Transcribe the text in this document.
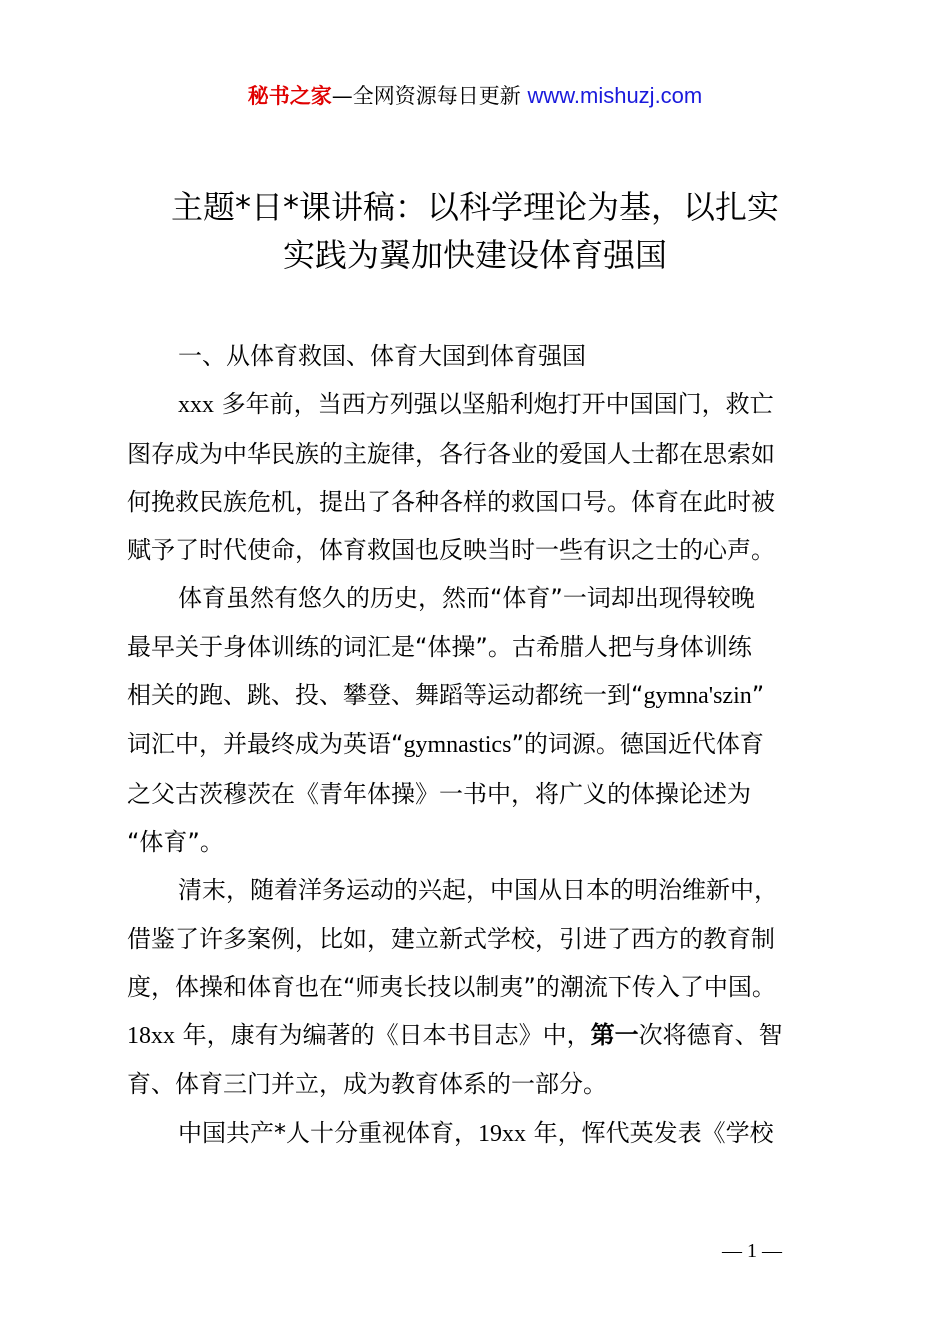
秘书之家—全网资源每日更新 www.mishuzj.com
主题*日*课讲稿：以科学理论为基，以扎实
实践为翼加快建设体育强国

一、从体育救国、体育大国到体育强国

xxx 多年前，当西方列强以坚船利炮打开中国国门，救亡
图存成为中华民族的主旋律，各行各业的爱国人士都在思索如
何挽救民族危机，提出了各种各样的救国口号。体育在此时被
赋予了时代使命，体育救国也反映当时一些有识之士的心声。

体育虽然有悠久的历史，然而“体育”一词却出现得较晚
最早关于身体训练的词汇是“体操”。古希腊人把与身体训练
相关的跑、跳、投、攀登、舞蹈等运动都统一到“gymna'szin”
词汇中，并最终成为英语“gymnastics”的词源。德国近代体育
之父古茨穆茨在《青年体操》一书中，将广义的体操论述为
“体育”。

清末，随着洋务运动的兴起，中国从日本的明治维新中，
借鉴了许多案例，比如，建立新式学校，引进了西方的教育制
度，体操和体育也在“师夷长技以制夷”的潮流下传入了中国。
18xx 年，康有为编著的《日本书目志》中，第一次将德育、智
育、体育三门并立，成为教育体系的一部分。

中国共产*人十分重视体育，19xx 年，恽代英发表《学校

— 1 —
